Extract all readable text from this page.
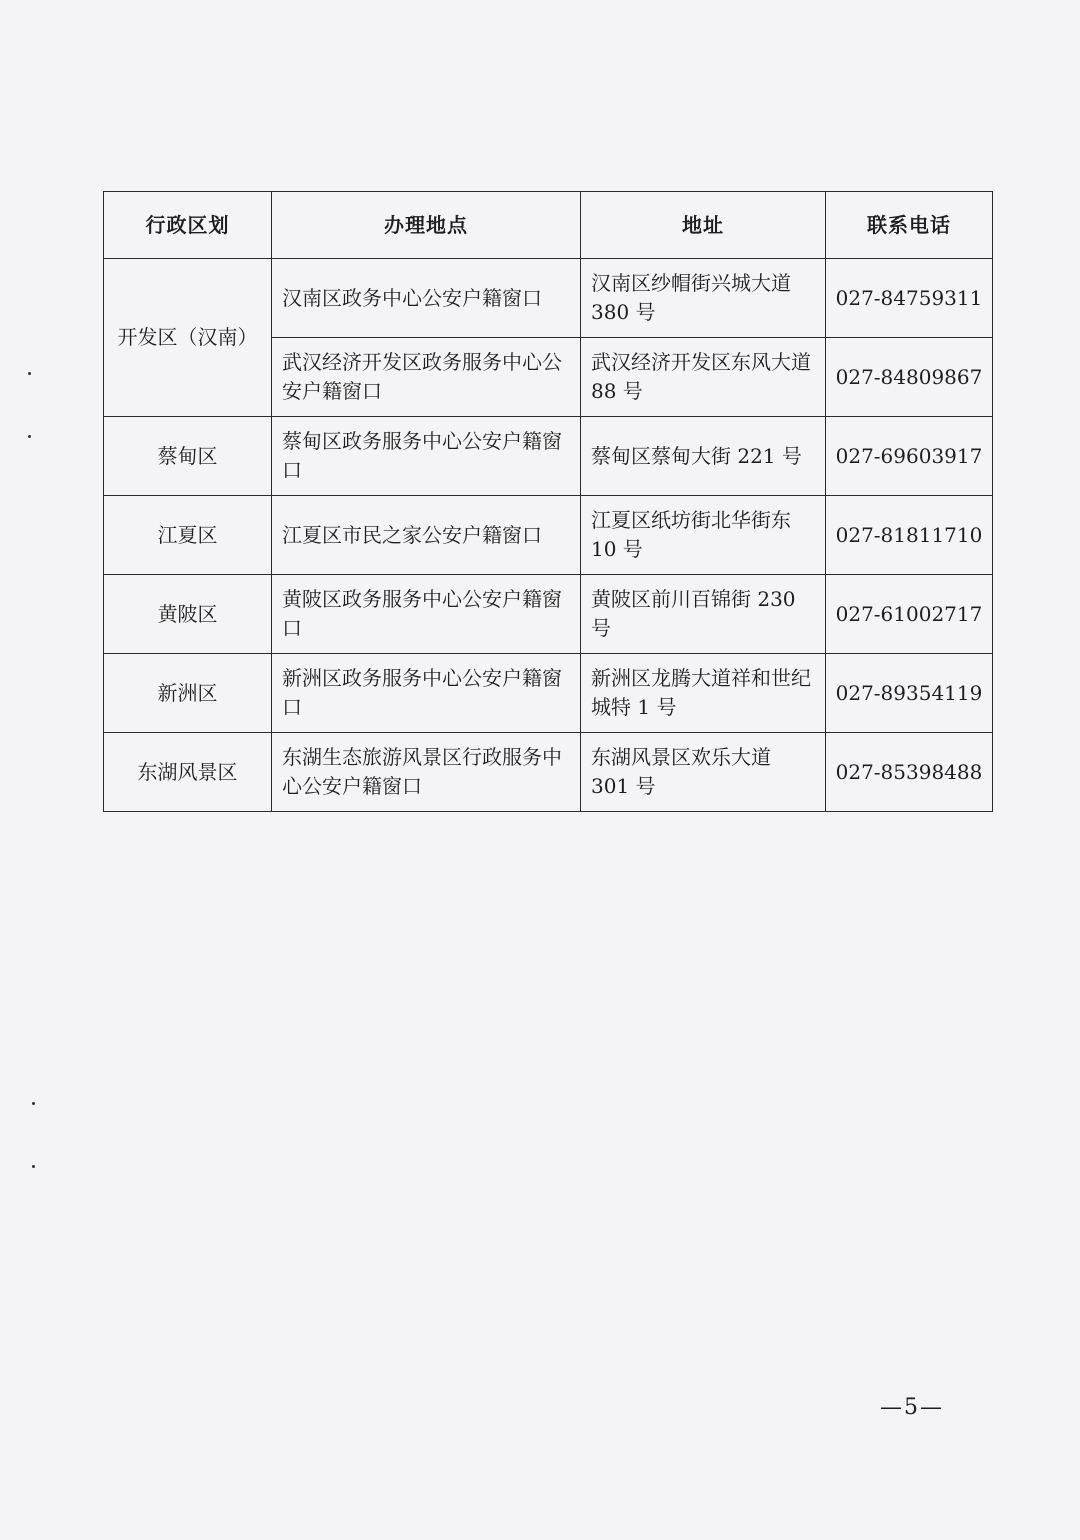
行政区划	办理地点	地址	联系电话
开发区（汉南）	汉南区政务中心公安户籍窗口	汉南区纱帽街兴城大道 380 号	027-84759311
	武汉经济开发区政务服务中心公安户籍窗口	武汉经济开发区东风大道 88 号	027-84809867
蔡甸区	蔡甸区政务服务中心公安户籍窗口	蔡甸区蔡甸大街 221 号	027-69603917
江夏区	江夏区市民之家公安户籍窗口	江夏区纸坊街北华街东 10 号	027-81811710
黄陂区	黄陂区政务服务中心公安户籍窗口	黄陂区前川百锦街 230 号	027-61002717
新洲区	新洲区政务服务中心公安户籍窗口	新洲区龙腾大道祥和世纪城特 1 号	027-89354119
东湖风景区	东湖生态旅游风景区行政服务中心公安户籍窗口	东湖风景区欢乐大道 301 号	027-85398488
—5—
